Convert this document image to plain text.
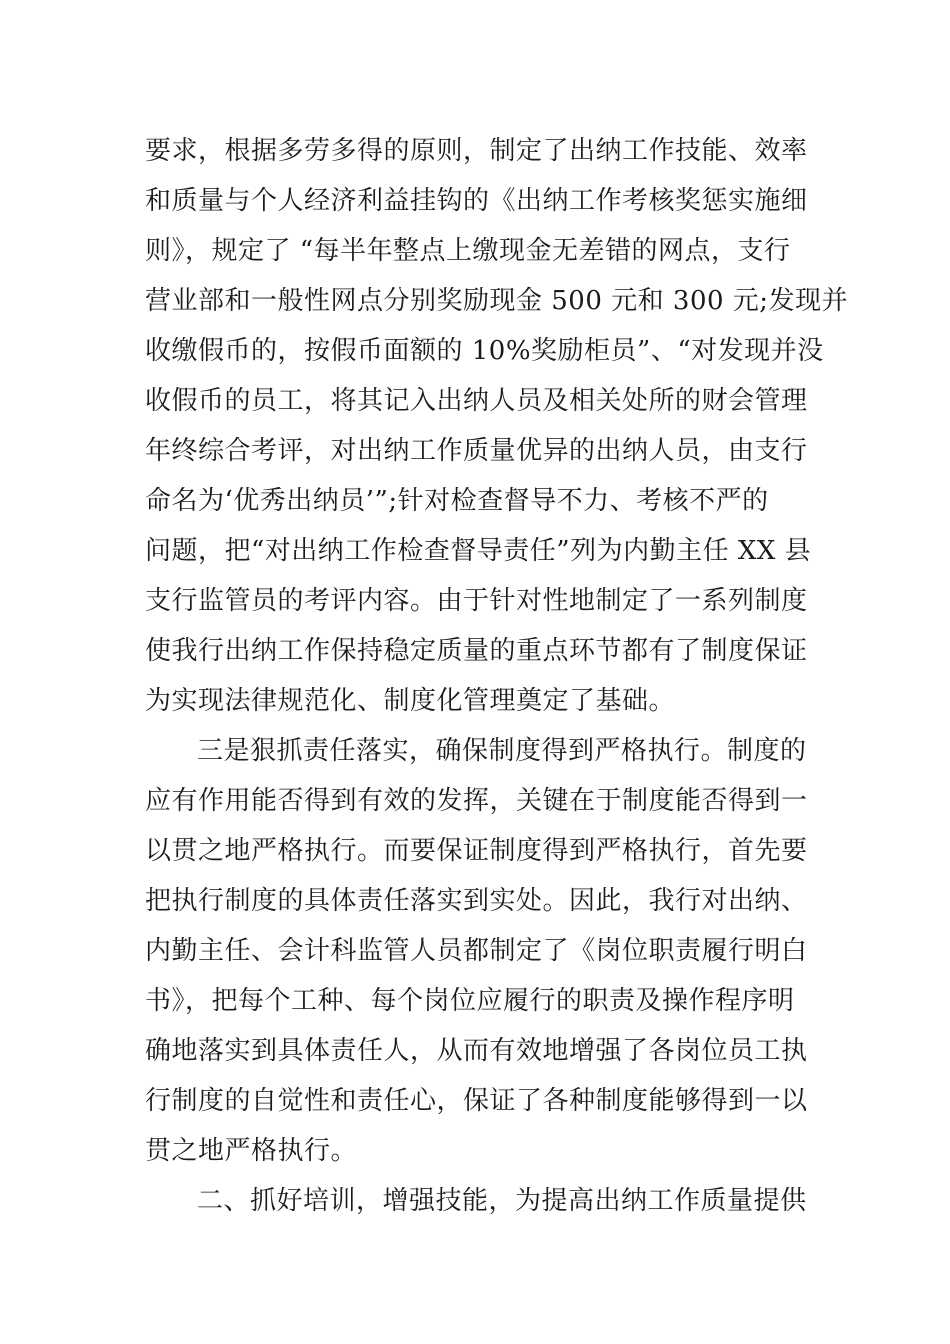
要求，根据多劳多得的原则，制定了出纳工作技能、效率
和质量与个人经济利益挂钩的《出纳工作考核奖惩实施细
则》，规定了 “每半年整点上缴现金无差错的网点，支行
营业部和一般性网点分别奖励现金 500 元和 300 元;发现并
收缴假币的，按假币面额的 10%奖励柜员”、“对发现并没
收假币的员工，将其记入出纳人员及相关处所的财会管理
年终综合考评，对出纳工作质量优异的出纳人员，由支行
命名为‘优秀出纳员’”;针对检查督导不力、考核不严的
问题，把“对出纳工作检查督导责任”列为内勤主任 XX 县
支行监管员的考评内容。由于针对性地制定了一系列制度
使我行出纳工作保持稳定质量的重点环节都有了制度保证
为实现法律规范化、制度化管理奠定了基础。
三是狠抓责任落实，确保制度得到严格执行。制度的
应有作用能否得到有效的发挥，关键在于制度能否得到一
以贯之地严格执行。而要保证制度得到严格执行，首先要
把执行制度的具体责任落实到实处。因此，我行对出纳、
内勤主任、会计科监管人员都制定了《岗位职责履行明白
书》，把每个工种、每个岗位应履行的职责及操作程序明
确地落实到具体责任人，从而有效地增强了各岗位员工执
行制度的自觉性和责任心，保证了各种制度能够得到一以
贯之地严格执行。
二、抓好培训，增强技能，为提高出纳工作质量提供
